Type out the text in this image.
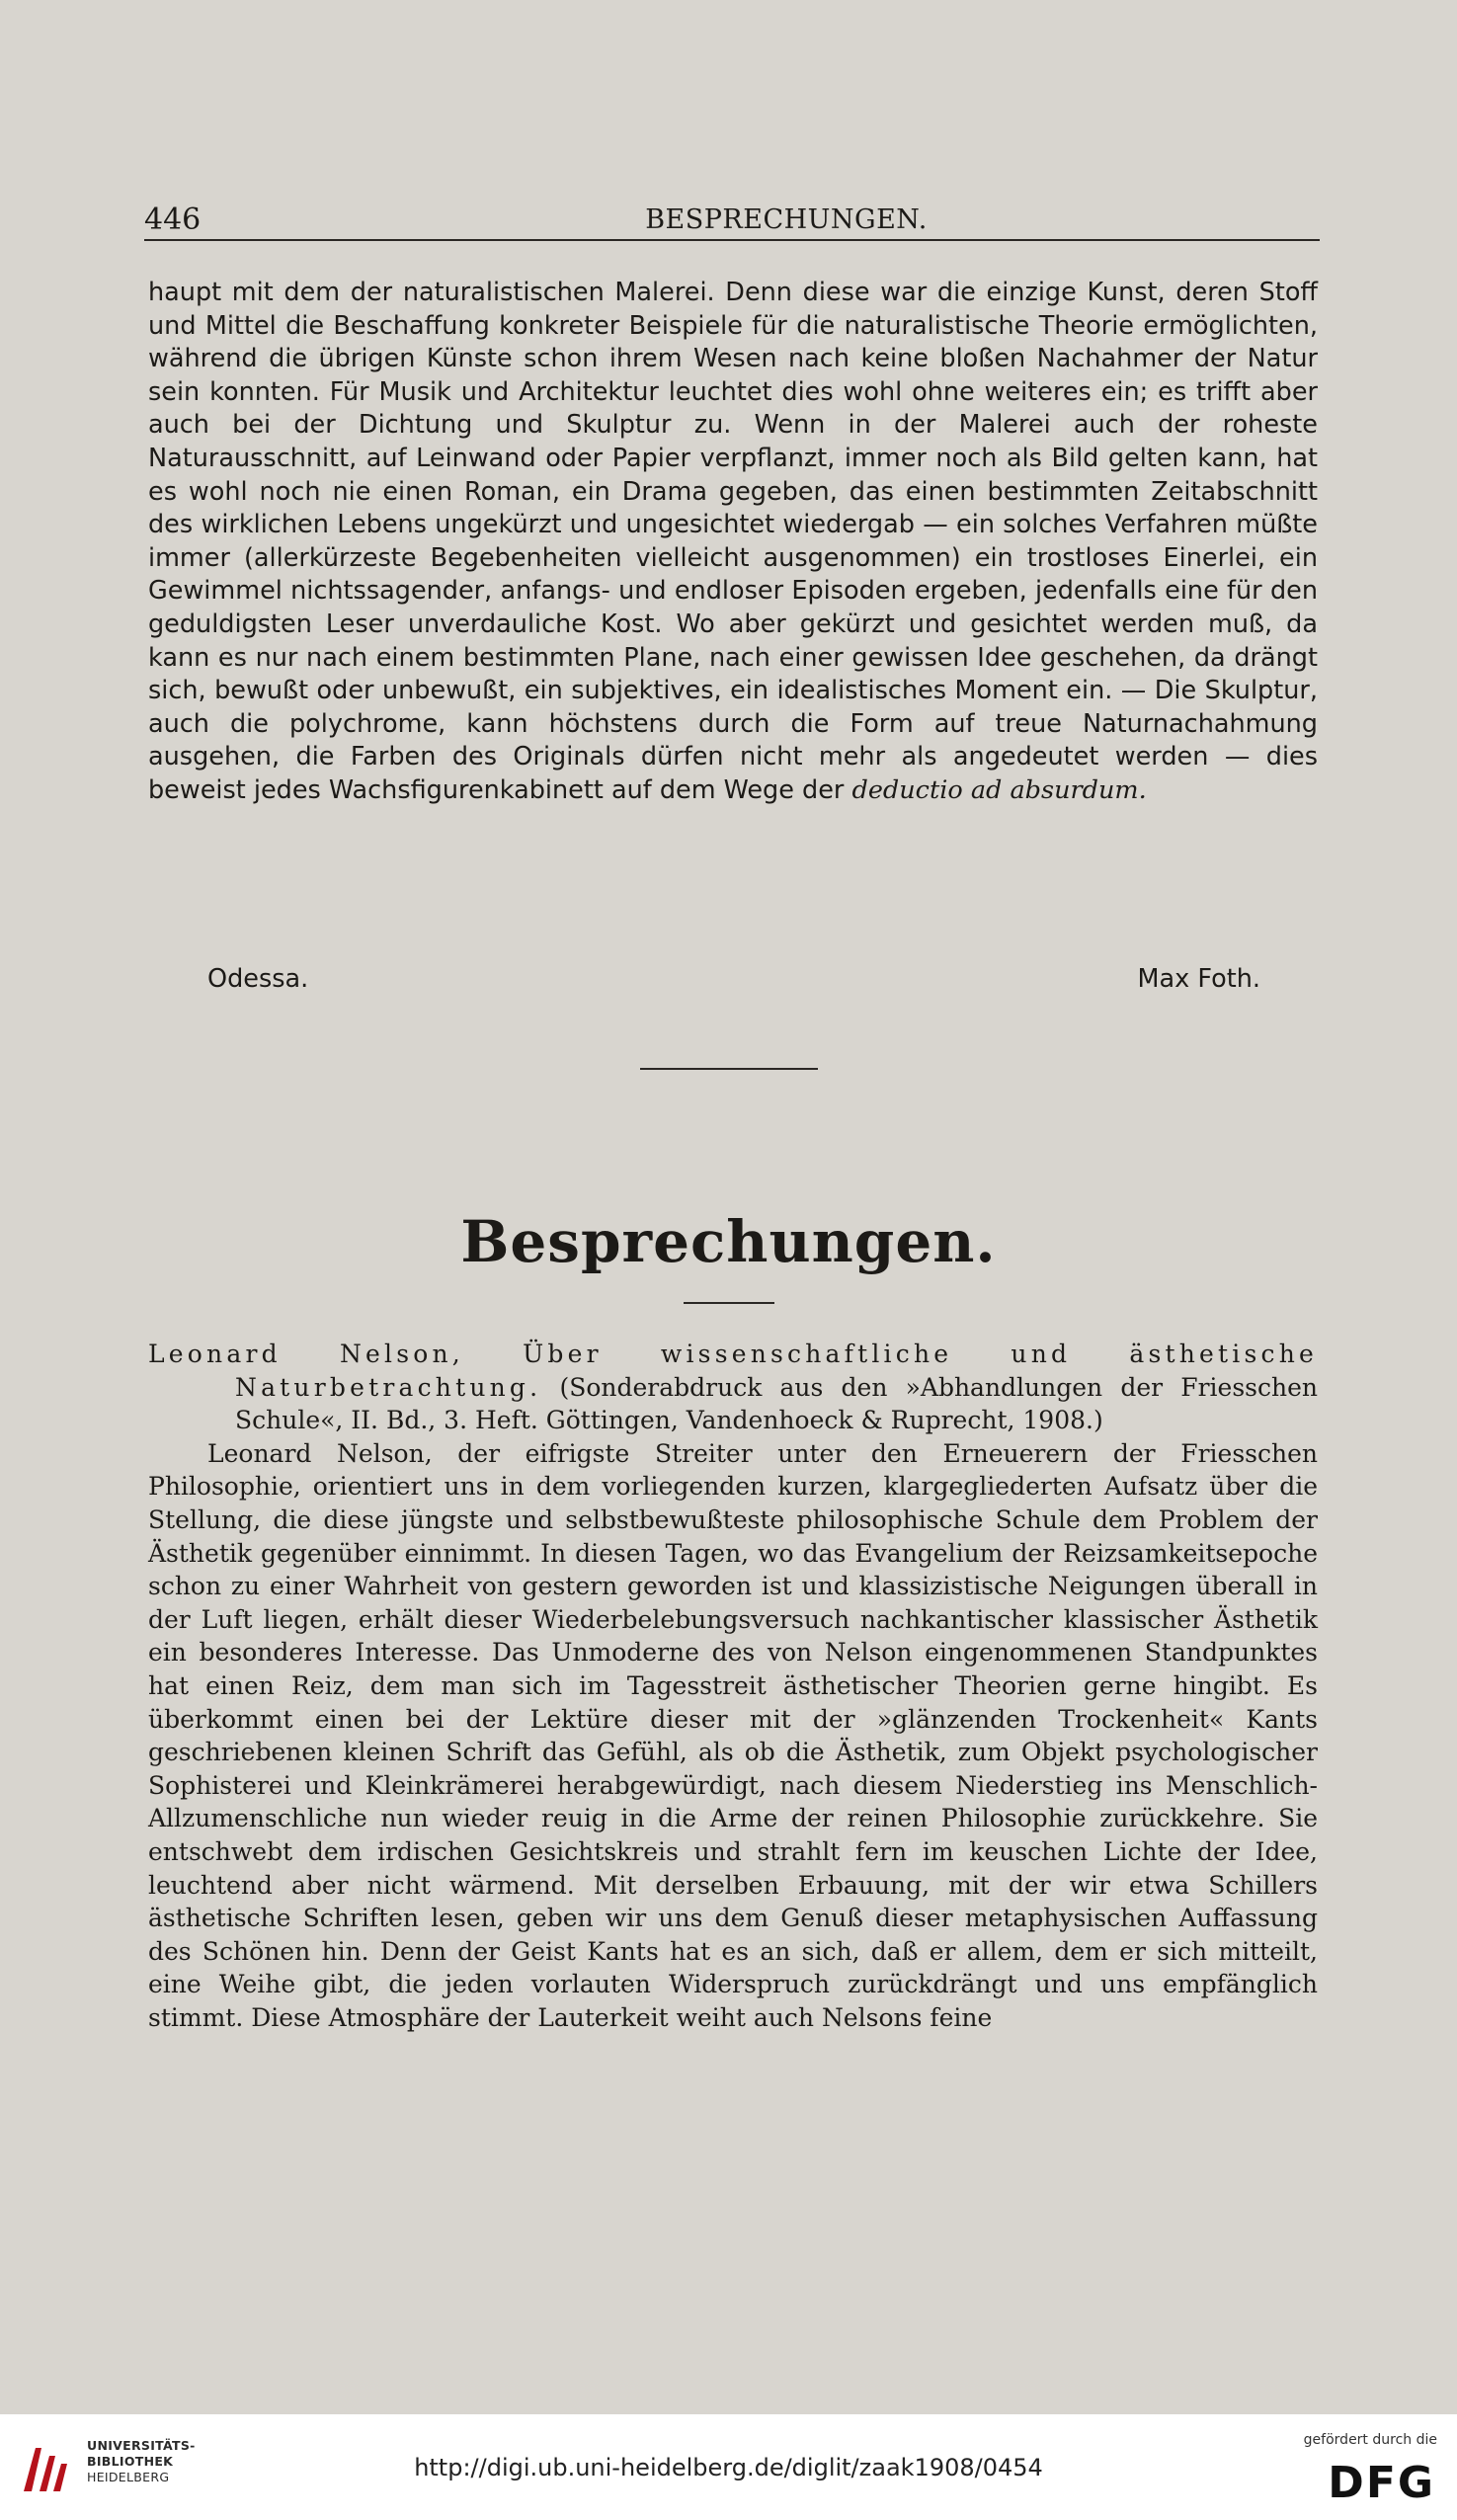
446	BESPRECHUNGEN.

haupt mit dem der naturalistischen Malerei. Denn diese war die einzige Kunst, deren Stoff und Mittel die Beschaffung konkreter Beispiele für die naturalistische Theorie ermöglichten, während die übrigen Künste schon ihrem Wesen nach keine bloßen Nachahmer der Natur sein konnten. Für Musik und Architektur leuchtet dies wohl ohne weiteres ein; es trifft aber auch bei der Dichtung und Skulptur zu. Wenn in der Malerei auch der roheste Naturausschnitt, auf Leinwand oder Papier verpflanzt, immer noch als Bild gelten kann, hat es wohl noch nie einen Roman, ein Drama gegeben, das einen bestimmten Zeitabschnitt des wirklichen Lebens ungekürzt und ungesichtet wiedergab — ein solches Verfahren müßte immer (allerkürzeste Begebenheiten vielleicht ausgenommen) ein trostloses Einerlei, ein Gewimmel nichtssagender, anfangs- und endloser Episoden ergeben, jedenfalls eine für den geduldigsten Leser unverdauliche Kost. Wo aber gekürzt und gesichtet werden muß, da kann es nur nach einem bestimmten Plane, nach einer gewissen Idee geschehen, da drängt sich, bewußt oder unbewußt, ein subjektives, ein idealistisches Moment ein. — Die Skulptur, auch die polychrome, kann höchstens durch die Form auf treue Naturnachahmung ausgehen, die Farben des Originals dürfen nicht mehr als angedeutet werden — dies beweist jedes Wachsfigurenkabinett auf dem Wege der deductio ad absurdum.

Odessa.	Max Foth.
Besprechungen.

Leonard Nelson, Über wissenschaftliche und ästhetische Naturbetrachtung. (Sonderabdruck aus den »Abhandlungen der Friesschen Schule«, II. Bd., 3. Heft. Göttingen, Vandenhoeck & Ruprecht, 1908.)

Leonard Nelson, der eifrigste Streiter unter den Erneuerern der Friesschen Philosophie, orientiert uns in dem vorliegenden kurzen, klargegliederten Aufsatz über die Stellung, die diese jüngste und selbstbewußteste philosophische Schule dem Problem der Ästhetik gegenüber einnimmt. In diesen Tagen, wo das Evangelium der Reizsamkeitsepoche schon zu einer Wahrheit von gestern geworden ist und klassizistische Neigungen überall in der Luft liegen, erhält dieser Wiederbelebungsversuch nachkantischer klassischer Ästhetik ein besonderes Interesse. Das Unmoderne des von Nelson eingenommenen Standpunktes hat einen Reiz, dem man sich im Tagesstreit ästhetischer Theorien gerne hingibt. Es überkommt einen bei der Lektüre dieser mit der »glänzenden Trockenheit« Kants geschriebenen kleinen Schrift das Gefühl, als ob die Ästhetik, zum Objekt psychologischer Sophisterei und Kleinkrämerei herabgewürdigt, nach diesem Niederstieg ins Menschlich-Allzumenschliche nun wieder reuig in die Arme der reinen Philosophie zurückkehre. Sie entschwebt dem irdischen Gesichtskreis und strahlt fern im keuschen Lichte der Idee, leuchtend aber nicht wärmend. Mit derselben Erbauung, mit der wir etwa Schillers ästhetische Schriften lesen, geben wir uns dem Genuß dieser metaphysischen Auffassung des Schönen hin. Denn der Geist Kants hat es an sich, daß er allem, dem er sich mitteilt, eine Weihe gibt, die jeden vorlauten Widerspruch zurückdrängt und uns empfänglich stimmt. Diese Atmosphäre der Lauterkeit weiht auch Nelsons feine

UNIVERSITÄTS-
BIBLIOTHEK
HEIDELBERG	http://digi.ub.uni-heidelberg.de/diglit/zaak1908/0454
gefördert durch die
DFG
